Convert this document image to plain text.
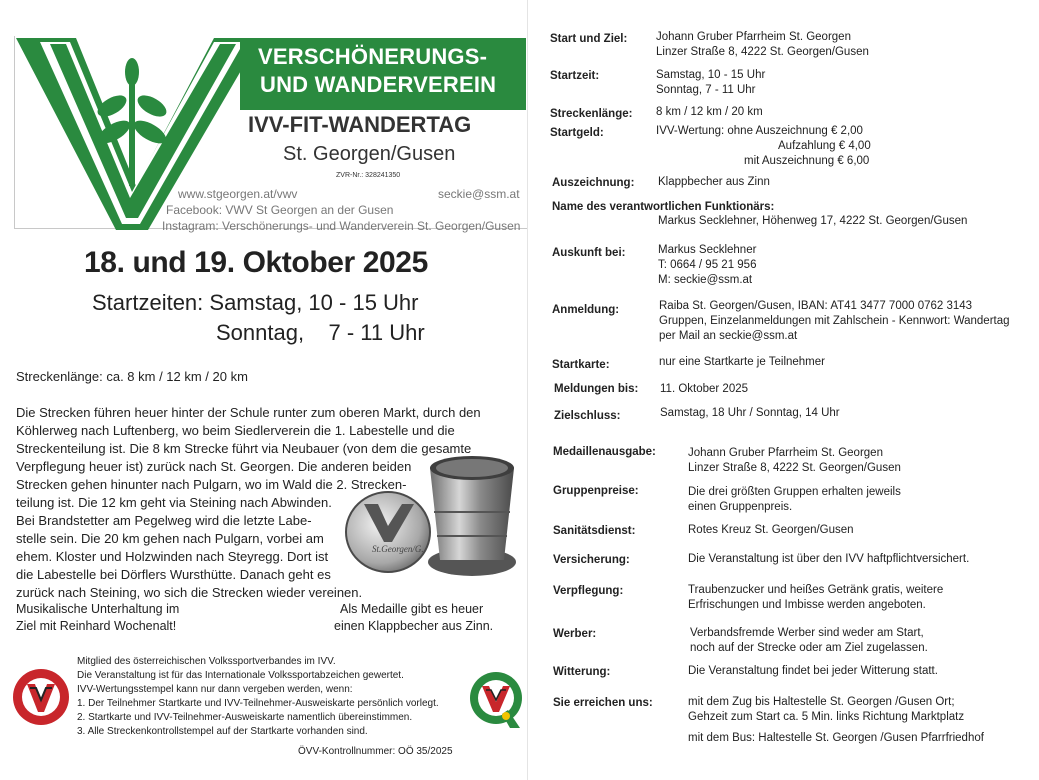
VERSCHÖNERUNGS-
UND WANDERVEREIN
IVV-FIT-WANDERTAG
St. Georgen/Gusen
ZVR-Nr.: 328241350
www.stgeorgen.at/vwv	seckie@ssm.at
Facebook: VWV St Georgen an der Gusen
Instagram: Verschönerungs- und Wanderverein St. Georgen/Gusen
18. und 19. Oktober 2025
Startzeiten: Samstag, 10 - 15 Uhr
Sonntag,    7 - 11 Uhr
Streckenlänge: ca. 8 km / 12 km / 20 km
Die Strecken führen heuer hinter der Schule runter zum oberen Markt, durch den
Köhlerweg nach Luftenberg, wo beim Siedlerverein die 1. Labestelle und die
Streckenteilung ist. Die 8 km Strecke führt via Neubauer (von dem die gesamte
Verpflegung heuer ist) zurück nach St. Georgen. Die anderen beiden
Strecken gehen hinunter nach Pulgarn, wo im Wald die 2. Strecken-
teilung ist. Die 12 km geht via Steining nach Abwinden.
Bei Brandstetter am Pegelweg wird die letzte Labe-
stelle sein. Die 20 km gehen nach Pulgarn, vorbei am
ehem. Kloster und Holzwinden nach Steyregg. Dort ist
die Labestelle bei Dörflers Wursthütte. Danach geht es
zurück nach Steining, wo sich die Strecken wieder vereinen.
St.Georgen/G.
Musikalische Unterhaltung im
Ziel mit Reinhard Wochenalt!
Als Medaille gibt es heuer
einen Klappbecher aus Zinn.
Mitglied des österreichischen Volkssportverbandes im IVV.
Die Veranstaltung ist für das Internationale Volkssportabzeichen gewertet.
IVV-Wertungsstempel kann nur dann vergeben werden, wenn:
1. Der Teilnehmer Startkarte und IVV-Teilnehmer-Ausweiskarte persönlich vorlegt.
2. Startkarte und IVV-Teilnehmer-Ausweiskarte namentlich übereinstimmen.
3. Alle Streckenkontrollstempel auf der Startkarte vorhanden sind.
ÖVV-Kontrollnummer: OÖ 35/2025
Start und Ziel: Johann Gruber Pfarrheim St. Georgen
Linzer Straße 8, 4222 St. Georgen/Gusen
Startzeit:	Samstag, 10 - 15 Uhr
Sonntag, 7 - 11 Uhr
Streckenlänge: 8 km / 12 km / 20 km
Startgeld:	IVV-Wertung: ohne Auszeichnung € 2,00
Aufzahlung € 4,00
mit Auszeichnung € 6,00
Auszeichnung: Klappbecher aus Zinn
Name des verantwortlichen Funktionärs:
Markus Secklehner, Höhenweg 17, 4222 St. Georgen/Gusen
Auskunft bei:	Markus Secklehner
T: 0664 / 95 21 956
M: seckie@ssm.at
Anmeldung:	Raiba St. Georgen/Gusen, IBAN: AT41 3477 7000 0762 3143
Gruppen, Einzelanmeldungen mit Zahlschein - Kennwort: Wandertag
per Mail an seckie@ssm.at
Startkarte:	nur eine Startkarte je Teilnehmer
Meldungen bis: 11. Oktober 2025
Zielschluss:	Samstag, 18 Uhr / Sonntag, 14 Uhr
Medaillenausgabe:	Johann Gruber Pfarrheim St. Georgen
Linzer Straße 8, 4222 St. Georgen/Gusen
Gruppenpreise:	Die drei größten Gruppen erhalten jeweils
einen Gruppenpreis.
Sanitätsdienst:	Rotes Kreuz St. Georgen/Gusen
Versicherung:	Die Veranstaltung ist über den IVV haftpflichtversichert.
Verpflegung:	Traubenzucker und heißes Getränk gratis, weitere
Erfrischungen und Imbisse werden angeboten.
Werber:	Verbandsfremde Werber sind weder am Start,
noch auf der Strecke oder am Ziel zugelassen.
Witterung:	Die Veranstaltung findet bei jeder Witterung statt.
Sie erreichen uns:	mit dem Zug bis Haltestelle St. Georgen /Gusen Ort;
Gehzeit zum Start ca. 5 Min. links Richtung Marktplatz
mit dem Bus: Haltestelle St. Georgen /Gusen Pfarrfriedhof
